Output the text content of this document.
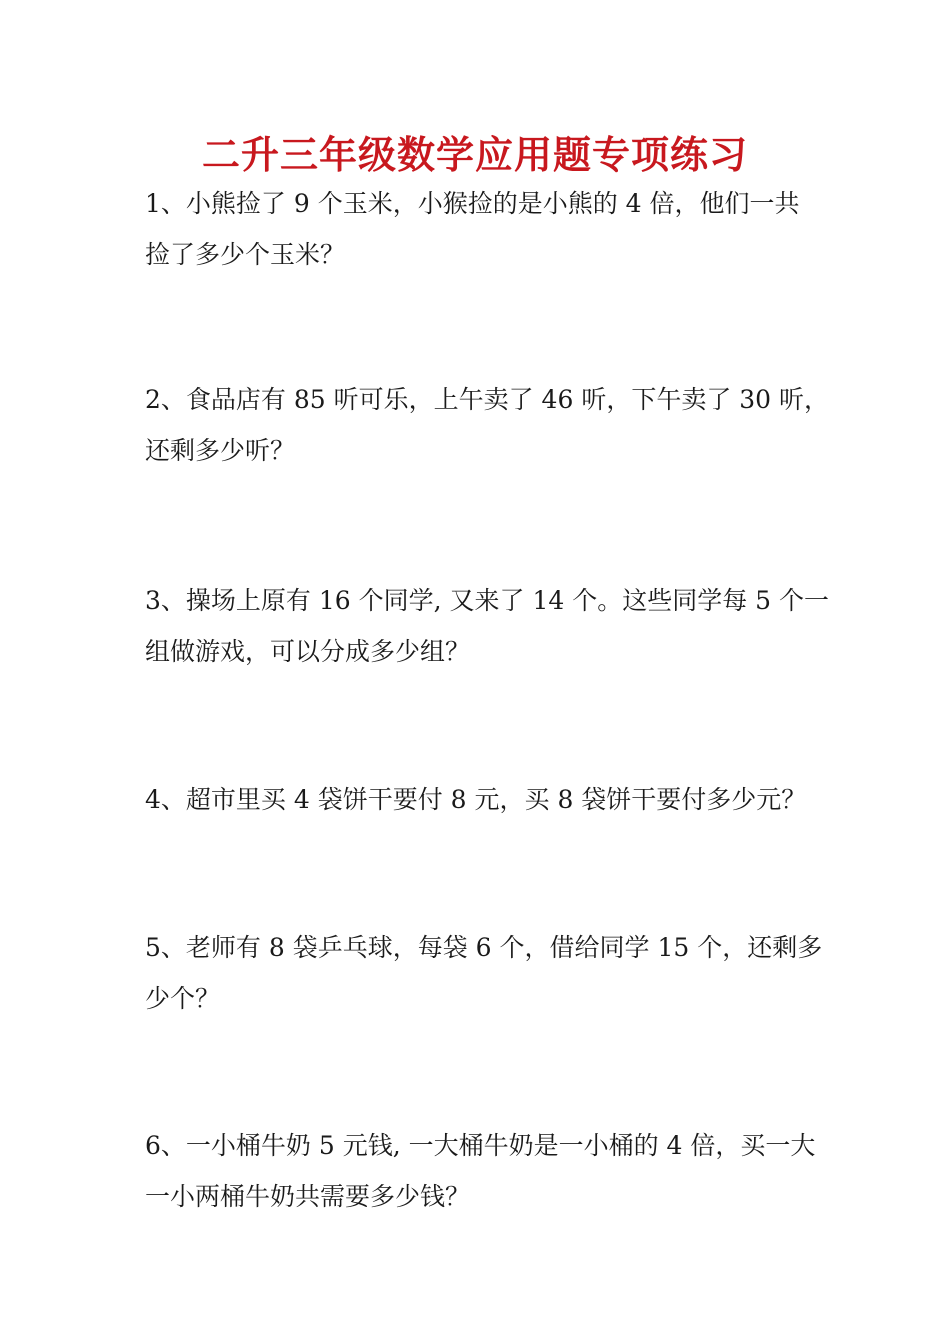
二升三年级数学应用题专项练习
1、小熊捡了 9 个玉米，小猴捡的是小熊的 4 倍，他们一共
捡了多少个玉米？
2、食品店有 85 听可乐，上午卖了 46 听，下午卖了 30 听，
还剩多少听？
3、操场上原有 16 个同学, 又来了 14 个。这些同学每 5 个一
组做游戏，可以分成多少组？
4、超市里买 4 袋饼干要付 8 元，买 8 袋饼干要付多少元？
5、老师有 8 袋乒乓球，每袋 6 个，借给同学 15 个，还剩多
少个？
6、一小桶牛奶 5 元钱, 一大桶牛奶是一小桶的 4 倍，买一大
一小两桶牛奶共需要多少钱？
